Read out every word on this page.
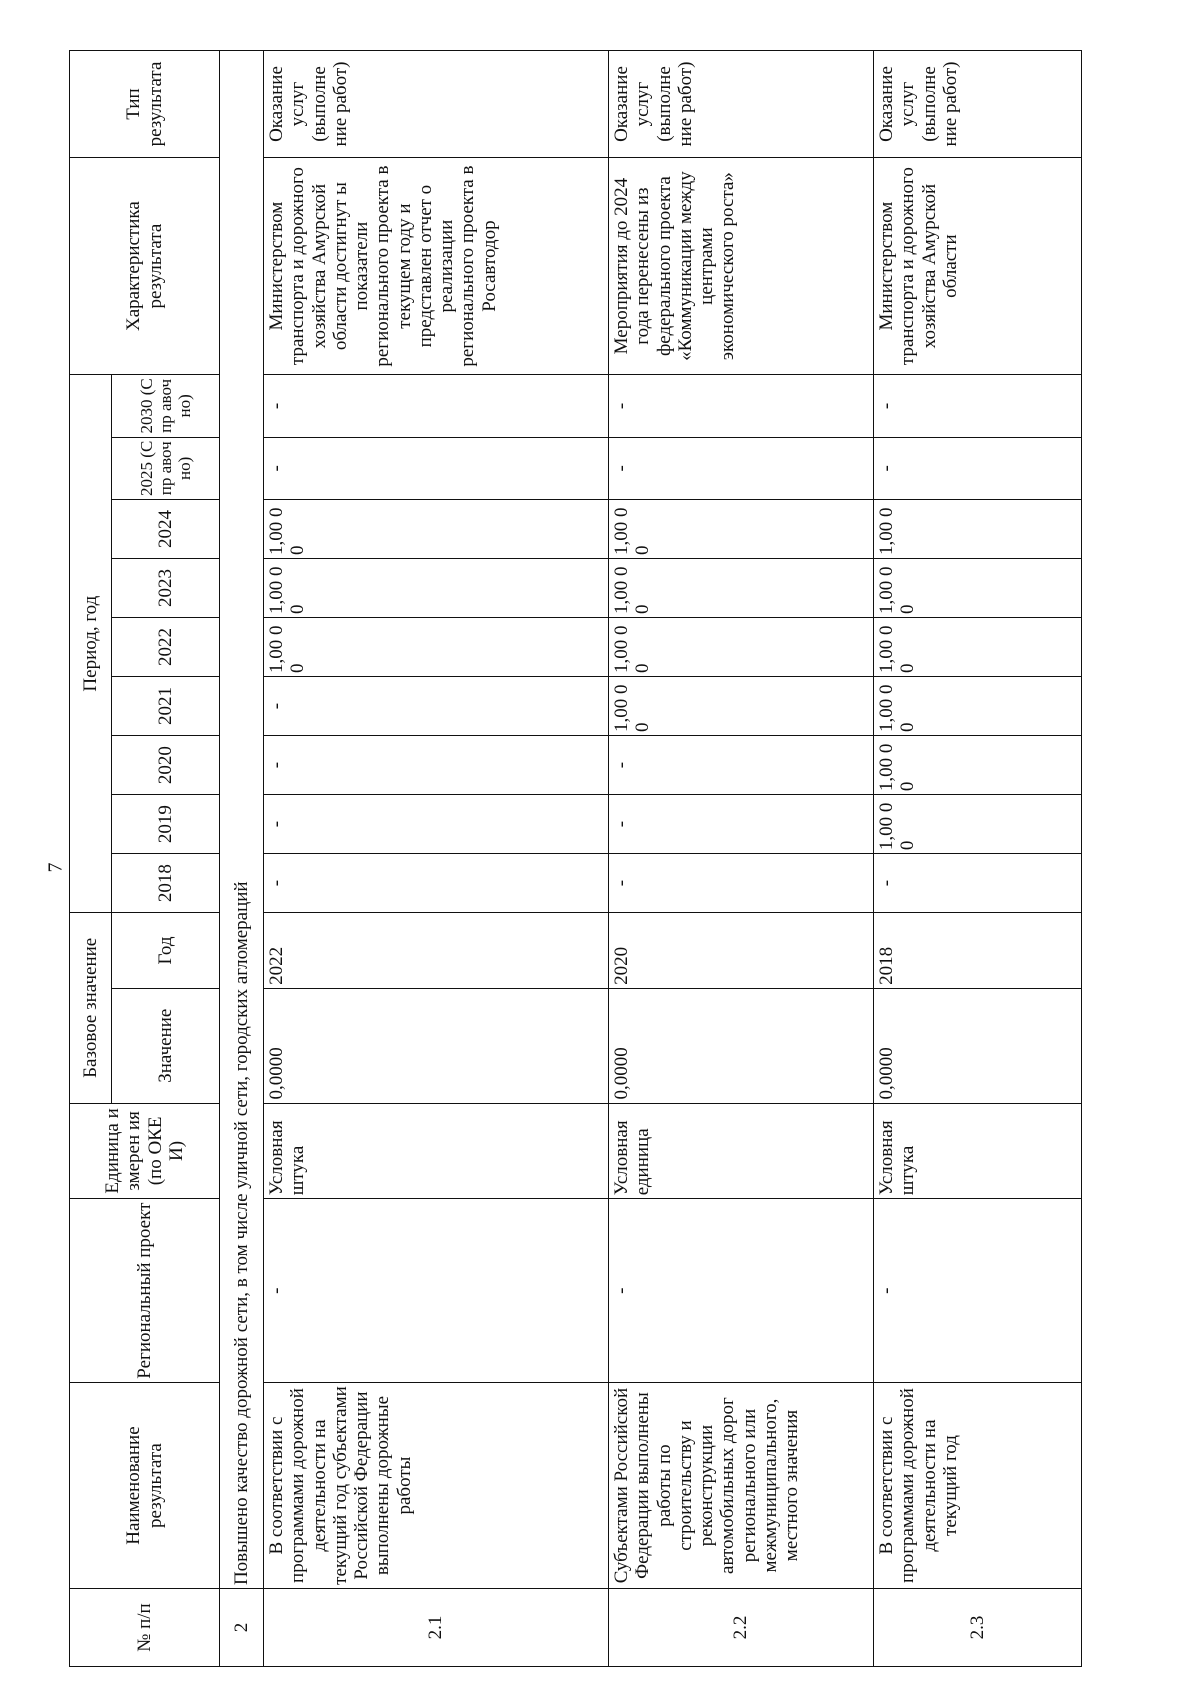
7
№ п/п	Наименование результата	Региональный проект	Единица измерен ия (по ОКЕИ)	Базовое значение		Период, год									Характеристика результата	Тип результата
				Значение	Год	2018	2019	2020	2021	2022	2023	2024	2025 (Спр авоч но)	2030 (Спр авоч но)		

2	Повышено качество дорожной сети, в том числе уличной сети, городских агломераций															
2.1	В соответствии с программами дорожной деятельности на текущий год субъектами Российской Федерации выполнены дорожные работы	-	Условная штука	0,0000	2022	-	-	-	-	1,00 00	1,00 00	1,00 00	-	-	Министерством транспорта и дорожного хозяйства Амурской области достигнут ы показатели регионального проекта в текущем году и представлен отчет о реализации регионального проекта в Росавтодор	Оказание услуг (выполне ние работ)
2.2	Субъектами Российской Федерации выполнены работы по строительству и реконструкции автомобильных дорог регионального или межмуниципального, местного значения	-	Условная единица	0,0000	2020	-	-	-	1,00 00	1,00 00	1,00 00	1,00 00	-	-	Мероприятия до 2024 года перенесены из федерального проекта «Коммуникации между центрами экономического роста»	Оказание услуг (выполне ние работ)
2.3	В соответствии с программами дорожной деятельности на текущий год	-	Условная штука	0,0000	2018	-	1,00 00	1,00 00	1,00 00	1,00 00	1,00 00	1,00 0	-	-	Министерством транспорта и дорожного хозяйства Амурской области	Оказание услуг (выполне ние работ)
